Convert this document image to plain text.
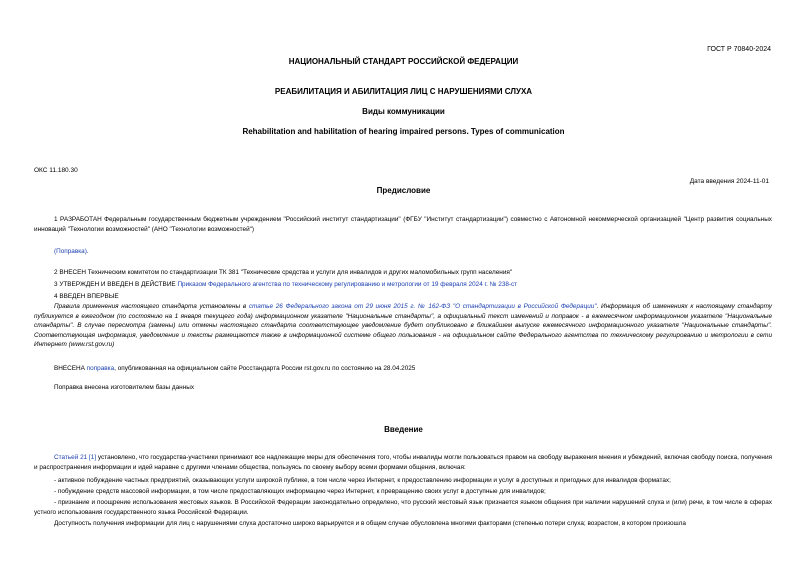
ГОСТ Р 70840-2024

НАЦИОНАЛЬНЫЙ СТАНДАРТ РОССИЙСКОЙ ФЕДЕРАЦИИ

РЕАБИЛИТАЦИЯ И АБИЛИТАЦИЯ ЛИЦ С НАРУШЕНИЯМИ СЛУХА

Виды коммуникации

Rehabilitation and habilitation of hearing impaired persons. Types of communication

ОКС 11.180.30

Дата введения 2024-11-01

Предисловие

1 РАЗРАБОТАН Федеральным государственным бюджетным учреждением "Российский институт стандартизации" (ФГБУ "Институт стандартизации") совместно с Автономной некоммерческой организацией "Центр развития социальных инноваций "Технологии возможностей" (АНО "Технологии возможностей")

(Поправка).

2 ВНЕСЕН Техническим комитетом по стандартизации ТК 381 "Технические средства и услуги для инвалидов и других маломобильных групп населения"

3 УТВЕРЖДЕН И ВВЕДЕН В ДЕЙСТВИЕ Приказом Федерального агентства по техническому регулированию и метрологии от 19 февраля 2024 г. № 238-ст

4 ВВЕДЕН ВПЕРВЫЕ

Правила применения настоящего стандарта установлены в статье 26 Федерального закона от 29 июня 2015 г. № 162-ФЗ "О стандартизации в Российской Федерации". Информация об изменениях к настоящему стандарту публикуется в ежегодном (по состоянию на 1 января текущего года) информационном указателе "Национальные стандарты", а официальный текст изменений и поправок - в ежемесячном информационном указателе "Национальные стандарты". В случае пересмотра (замены) или отмены настоящего стандарта соответствующее уведомление будет опубликовано в ближайшем выпуске ежемесячного информационного указателя "Национальные стандарты". Соответствующая информация, уведомление и тексты размещаются также в информационной системе общего пользования - на официальном сайте Федерального агентства по техническому регулированию и метрологии в сети Интернет (www.rst.gov.ru)

ВНЕСЕНА поправка, опубликованная на официальном сайте Росстандарта России rst.gov.ru по состоянию на 28.04.2025

Поправка внесена изготовителем базы данных

Введение

Статьей 21 [1] установлено, что государства-участники принимают все надлежащие меры для обеспечения того, чтобы инвалиды могли пользоваться правом на свободу выражения мнения и убеждений, включая свободу поиска, получения и распространения информации и идей наравне с другими членами общества, пользуясь по своему выбору всеми формами общения, включая:

- активное побуждение частных предприятий, оказывающих услуги широкой публике, в том числе через Интернет, к предоставлению информации и услуг в доступных и пригодных для инвалидов форматах;

- побуждение средств массовой информации, в том числе предоставляющих информацию через Интернет, к превращению своих услуг в доступные для инвалидов;

- признание и поощрение использования жестовых языков. В Российской Федерации законодательно определено, что русский жестовый язык признается языком общения при наличии нарушений слуха и (или) речи, в том числе в сферах устного использования государственного языка Российской Федерации.

Доступность получения информации для лиц с нарушениями слуха достаточно широко варьируется и в общем случае обусловлена многими факторами (степенью потери слуха; возрастом, в котором произошла
